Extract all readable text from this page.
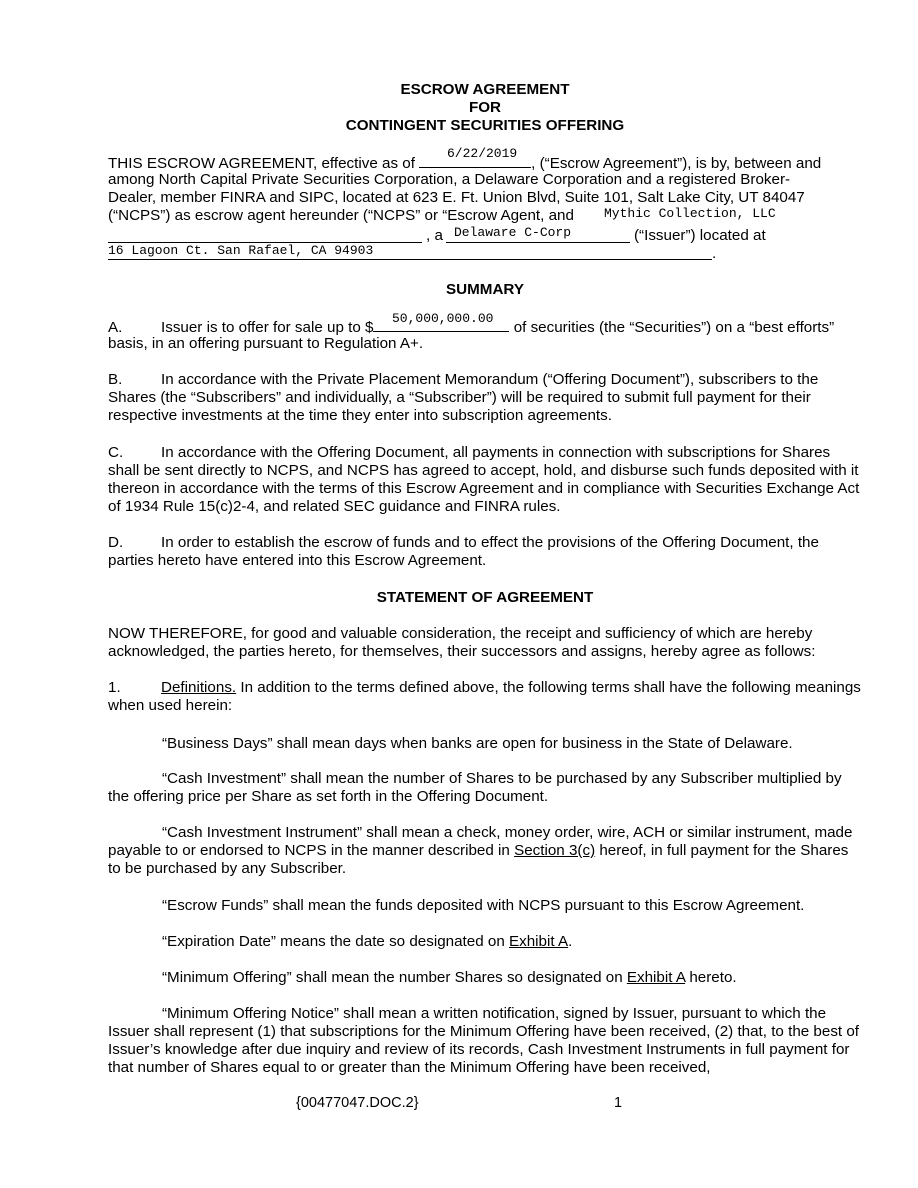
ESCROW AGREEMENT
FOR
CONTINGENT SECURITIES OFFERING
THIS ESCROW AGREEMENT, effective as of	, (“Escrow Agreement”), is by, between and
6/22/2019
among North Capital Private Securities Corporation, a Delaware Corporation and a registered Broker-
Dealer, member FINRA and SIPC, located at 623 E. Ft. Union Blvd, Suite 101, Salt Lake City, UT 84047
(“NCPS”) as escrow agent hereunder (“NCPS” or “Escrow Agent, and	Mythic Collection, LLC
, a Delaware C-Corp	(“Issuer”) located at
16 Lagoon Ct. San Rafael, CA 94903	.
SUMMARY
A.	Issuer is to offer for sale up to $	of securities (the “Securities”) on a “best efforts”
50,000,000.00
basis, in an offering pursuant to Regulation A+.
B.	In accordance with the Private Placement Memorandum (“Offering Document”), subscribers to the Shares (the “Subscribers” and individually, a “Subscriber”) will be required to submit full payment for their respective investments at the time they enter into subscription agreements.
C. In accordance with the Offering Document, all payments in connection with subscriptions for Shares shall be sent directly to NCPS, and NCPS has agreed to accept, hold, and disburse such funds deposited with it thereon in accordance with the terms of this Escrow Agreement and in compliance with Securities Exchange Act of 1934 Rule 15(c)2-4, and related SEC guidance and FINRA rules.
D. In order to establish the escrow of funds and to effect the provisions of the Offering Document, the parties hereto have entered into this Escrow Agreement.
STATEMENT OF AGREEMENT
NOW THEREFORE, for good and valuable consideration, the receipt and sufficiency of which are hereby acknowledged, the parties hereto, for themselves, their successors and assigns, hereby agree as follows:
1.	Definitions. In addition to the terms defined above, the following terms shall have the following meanings when used herein:
“Business Days” shall mean days when banks are open for business in the State of Delaware.
“Cash Investment” shall mean the number of Shares to be purchased by any Subscriber multiplied by the offering price per Share as set forth in the Offering Document.
“Cash Investment Instrument” shall mean a check, money order, wire, ACH or similar instrument, made payable to or endorsed to NCPS in the manner described in Section 3(c) hereof, in full payment for the Shares to be purchased by any Subscriber.
“Escrow Funds” shall mean the funds deposited with NCPS pursuant to this Escrow Agreement.
“Expiration Date” means the date so designated on Exhibit A.
“Minimum Offering” shall mean the number Shares so designated on Exhibit A hereto.
“Minimum Offering Notice” shall mean a written notification, signed by Issuer, pursuant to which the Issuer shall represent (1) that subscriptions for the Minimum Offering have been received, (2) that, to the best of Issuer’s knowledge after due inquiry and review of its records, Cash Investment Instruments in full payment for that number of Shares equal to or greater than the Minimum Offering have been received,
{00477047.DOC.2}	1
